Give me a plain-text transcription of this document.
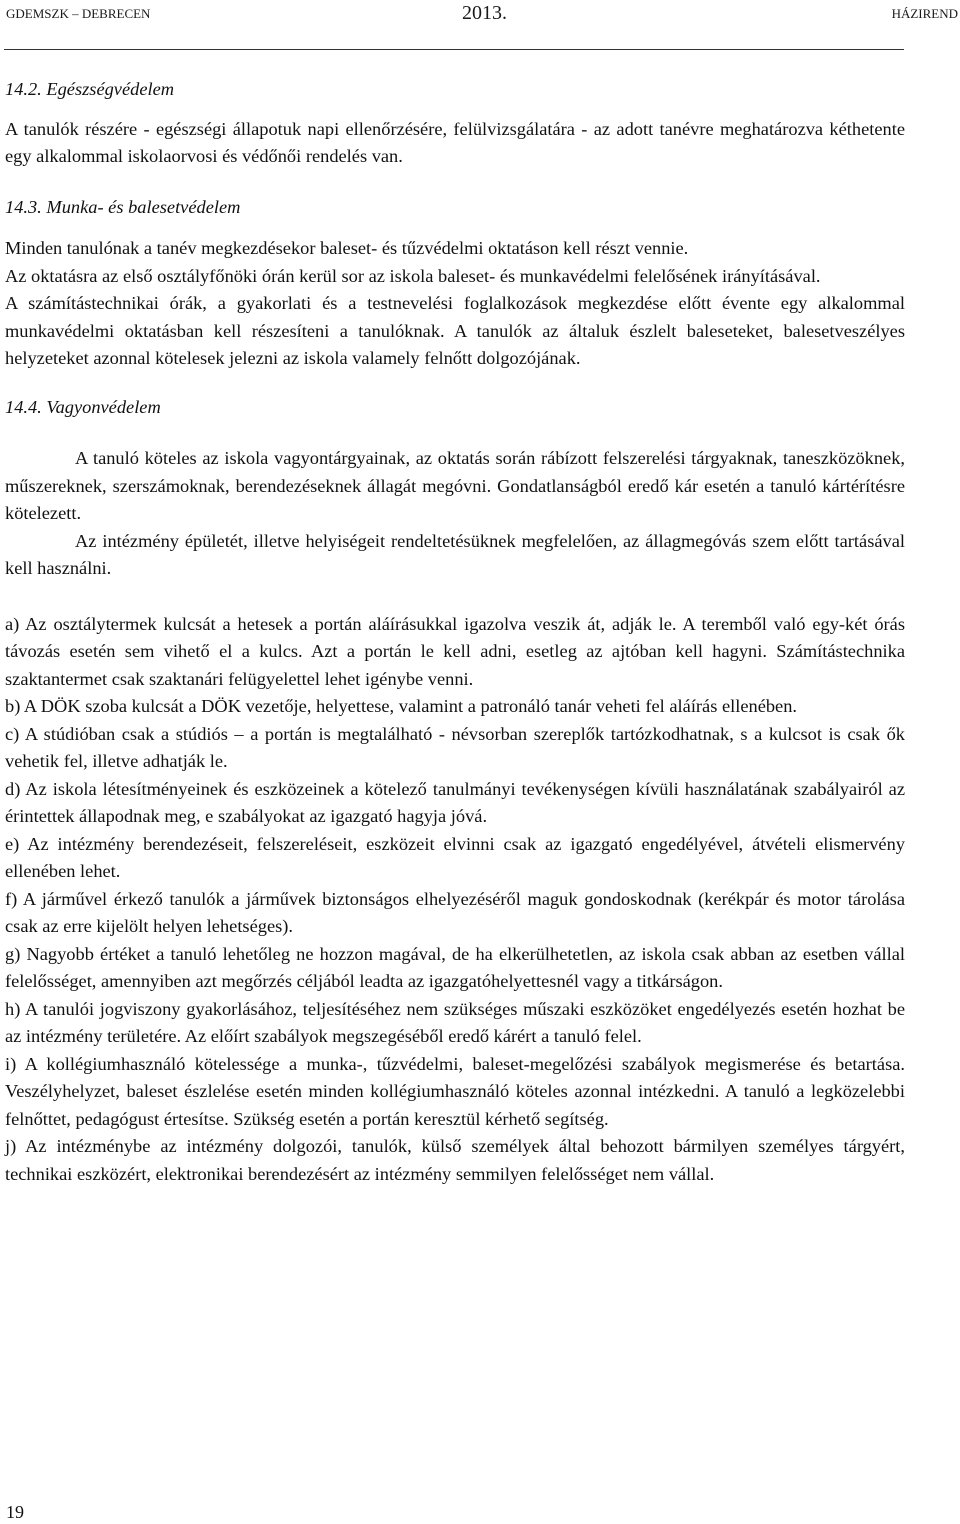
GDEMSZK – DEBRECEN	2013.	HÁZIREND
14.2. Egészségvédelem

A tanulók részére - egészségi állapotuk napi ellenőrzésére, felülvizsgálatára - az adott tanévre meghatározva kéthetente egy alkalommal iskolaorvosi és védőnői rendelés van.

14.3. Munka- és balesetvédelem

Minden tanulónak a tanév megkezdésekor baleset- és tűzvédelmi oktatáson kell részt vennie.

Az oktatásra az első osztályfőnöki órán kerül sor az iskola baleset- és munkavédelmi felelősének irányításával.

A számítástechnikai órák, a gyakorlati és a testnevelési foglalkozások megkezdése előtt évente egy alkalommal munkavédelmi oktatásban kell részesíteni a tanulóknak. A tanulók az általuk észlelt baleseteket, balesetveszélyes helyzeteket azonnal kötelesek jelezni az iskola valamely felnőtt dolgozójának.

14.4. Vagyonvédelem

A tanuló köteles az iskola vagyontárgyainak, az oktatás során rábízott felszerelési tárgyaknak, taneszközöknek, műszereknek, szerszámoknak, berendezéseknek állagát megóvni. Gondatlanságból eredő kár esetén a tanuló kártérítésre kötelezett.

Az intézmény épületét, illetve helyiségeit rendeltetésüknek megfelelően, az állagmegóvás szem előtt tartásával kell használni.

a) Az osztálytermek kulcsát a hetesek a portán aláírásukkal igazolva veszik át, adják le. A teremből való egy-két órás távozás esetén sem vihető el a kulcs. Azt a portán le kell adni, esetleg az ajtóban kell hagyni. Számítástechnika szaktantermet csak szaktanári felügyelettel lehet igénybe venni.

b) A DÖK szoba kulcsát a DÖK vezetője, helyettese, valamint a patronáló tanár veheti fel aláírás ellenében.

c) A stúdióban csak a stúdiós – a portán is megtalálható - névsorban szereplők tartózkodhatnak, s a kulcsot is csak ők vehetik fel, illetve adhatják le.

d) Az iskola létesítményeinek és eszközeinek a kötelező tanulmányi tevékenységen kívüli használatának szabályairól az érintettek állapodnak meg, e szabályokat az igazgató hagyja jóvá.

e) Az intézmény berendezéseit, felszereléseit, eszközeit elvinni csak az igazgató engedélyével, átvételi elismervény ellenében lehet.

f) A járművel érkező tanulók a járművek biztonságos elhelyezéséről maguk gondoskodnak (kerékpár és motor tárolása csak az erre kijelölt helyen lehetséges).

g) Nagyobb értéket a tanuló lehetőleg ne hozzon magával, de ha elkerülhetetlen, az iskola csak abban az esetben vállal felelősséget, amennyiben azt megőrzés céljából leadta az igazgatóhelyettesnél vagy a titkárságon.

h) A tanulói jogviszony gyakorlásához, teljesítéséhez nem szükséges műszaki eszközöket engedélyezés esetén hozhat be az intézmény területére. Az előírt szabályok megszegéséből eredő kárért a tanuló felel.

i) A kollégiumhasználó kötelessége a munka-, tűzvédelmi, baleset-megelőzési szabályok megismerése és betartása. Veszélyhelyzet, baleset észlelése esetén minden kollégiumhasználó köteles azonnal intézkedni. A tanuló a legközelebbi felnőttet, pedagógust értesítse. Szükség esetén a portán keresztül kérhető segítség.

j) Az intézménybe az intézmény dolgozói, tanulók, külső személyek által behozott bármilyen személyes tárgyért, technikai eszközért, elektronikai berendezésért az intézmény semmilyen felelősséget nem vállal.

19
